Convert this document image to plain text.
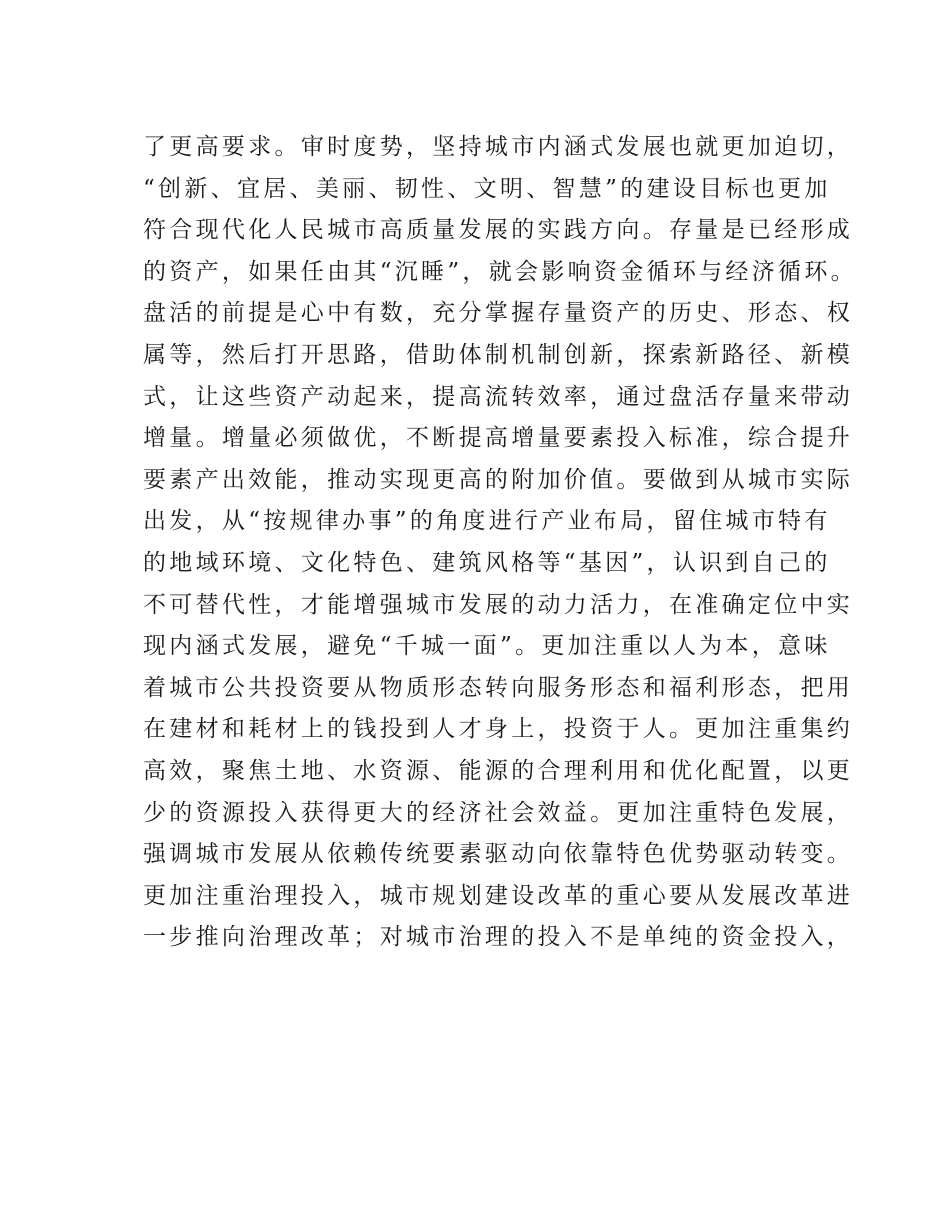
了更高要求。审时度势，坚持城市内涵式发展也就更加迫切，
“创新、宜居、美丽、韧性、文明、智慧”的建设目标也更加
符合现代化人民城市高质量发展的实践方向。存量是已经形成
的资产，如果任由其“沉睡”，就会影响资金循环与经济循环。
盘活的前提是心中有数，充分掌握存量资产的历史、形态、权
属等，然后打开思路，借助体制机制创新，探索新路径、新模
式，让这些资产动起来，提高流转效率，通过盘活存量来带动
增量。增量必须做优，不断提高增量要素投入标准，综合提升
要素产出效能，推动实现更高的附加价值。要做到从城市实际
出发，从“按规律办事”的角度进行产业布局，留住城市特有
的地域环境、文化特色、建筑风格等“基因”，认识到自己的
不可替代性，才能增强城市发展的动力活力，在准确定位中实
现内涵式发展，避免“千城一面”。更加注重以人为本，意味
着城市公共投资要从物质形态转向服务形态和福利形态，把用
在建材和耗材上的钱投到人才身上，投资于人。更加注重集约
高效，聚焦土地、水资源、能源的合理利用和优化配置，以更
少的资源投入获得更大的经济社会效益。更加注重特色发展，
强调城市发展从依赖传统要素驱动向依靠特色优势驱动转变。
更加注重治理投入，城市规划建设改革的重心要从发展改革进
一步推向治理改革；对城市治理的投入不是单纯的资金投入，
